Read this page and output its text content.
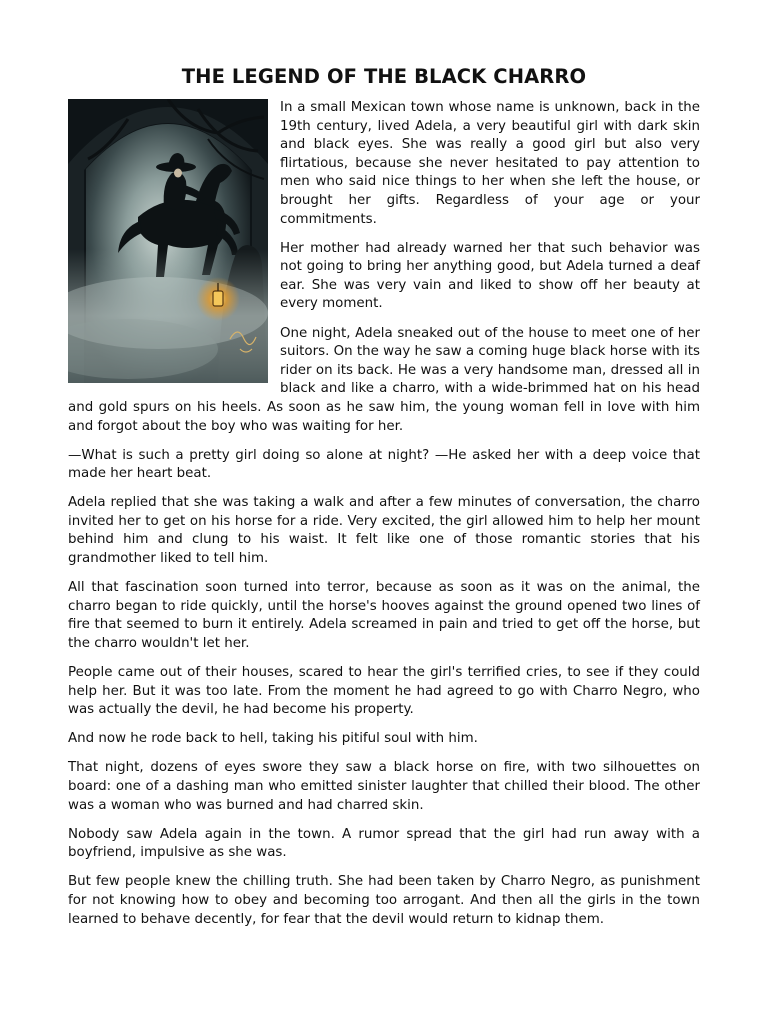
THE LEGEND OF THE BLACK CHARRO

In a small Mexican town whose name is unknown, back in the 19th century, lived Adela, a very beautiful girl with dark skin and black eyes. She was really a good girl but also very flirtatious, because she never hesitated to pay attention to men who said nice things to her when she left the house, or brought her gifts. Regardless of your age or your commitments.

Her mother had already warned her that such behavior was not going to bring her anything good, but Adela turned a deaf ear. She was very vain and liked to show off her beauty at every moment.

One night, Adela sneaked out of the house to meet one of her suitors. On the way he saw a coming huge black horse with its rider on its back. He was a very handsome man, dressed all in black and like a charro, with a wide-brimmed hat on his head and gold spurs on his heels. As soon as he saw him, the young woman fell in love with him and forgot about the boy who was waiting for her.

—What is such a pretty girl doing so alone at night? —He asked her with a deep voice that made her heart beat.

Adela replied that she was taking a walk and after a few minutes of conversation, the charro invited her to get on his horse for a ride. Very excited, the girl allowed him to help her mount behind him and clung to his waist. It felt like one of those romantic stories that his grandmother liked to tell him.

All that fascination soon turned into terror, because as soon as it was on the animal, the charro began to ride quickly, until the horse's hooves against the ground opened two lines of fire that seemed to burn it entirely. Adela screamed in pain and tried to get off the horse, but the charro wouldn't let her.

People came out of their houses, scared to hear the girl's terrified cries, to see if they could help her. But it was too late. From the moment he had agreed to go with Charro Negro, who was actually the devil, he had become his property.

And now he rode back to hell, taking his pitiful soul with him.

That night, dozens of eyes swore they saw a black horse on fire, with two silhouettes on board: one of a dashing man who emitted sinister laughter that chilled their blood. The other was a woman who was burned and had charred skin.

Nobody saw Adela again in the town. A rumor spread that the girl had run away with a boyfriend, impulsive as she was.

But few people knew the chilling truth. She had been taken by Charro Negro, as punishment for not knowing how to obey and becoming too arrogant. And then all the girls in the town learned to behave decently, for fear that the devil would return to kidnap them.
